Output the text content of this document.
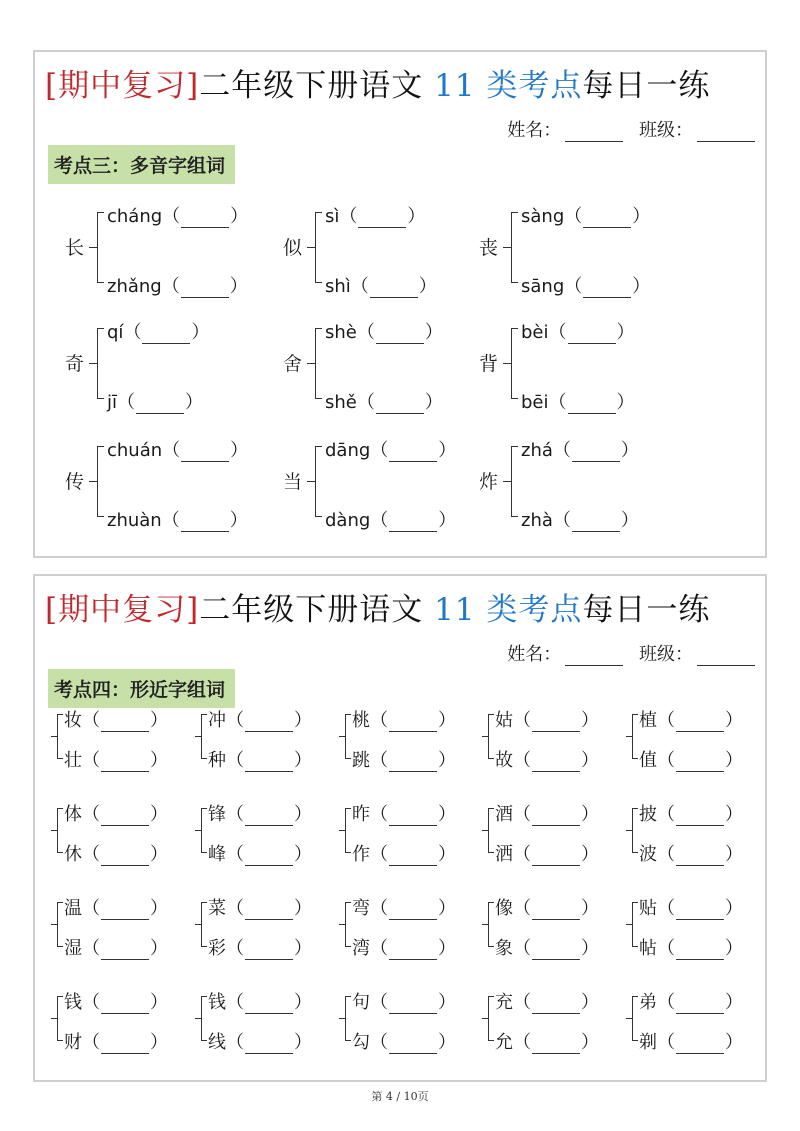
[期中复习]二年级下册语文 11 类考点每日一练
姓名：	班级：
考点三：多音字组词
长
cháng（	）
zhǎng（	）
似
sì（	）
shì（	）
丧
sàng（	）
sāng（	）
奇
qí（	）
jī（	）
舍
shè（	）
shě（	）
背
bèi（	）
bēi（	）
传
chuán（	）
zhuàn（	）
当
dāng（	）
dàng（	）
炸
zhá（	）
zhà（	）
[期中复习]二年级下册语文 11 类考点每日一练
姓名：	班级：
考点四：形近字组词
妆（	）
壮（	）
冲（	）
种（	）
桃（	）
跳（	）
姑（	）
故（	）
植（	）
值（	）
体（	）
休（	）
锋（	）
峰（	）
昨（	）
作（	）
酒（	）
洒（	）
披（	）
波（	）
温（	）
湿（	）
菜（	）
彩（	）
弯（	）
湾（	）
像（	）
象（	）
贴（	）
帖（	）
钱（	）
财（	）
钱（	）
线（	）
句（	）
勾（	）
充（	）
允（	）
弟（	）
剃（	）
第 4 / 10页
